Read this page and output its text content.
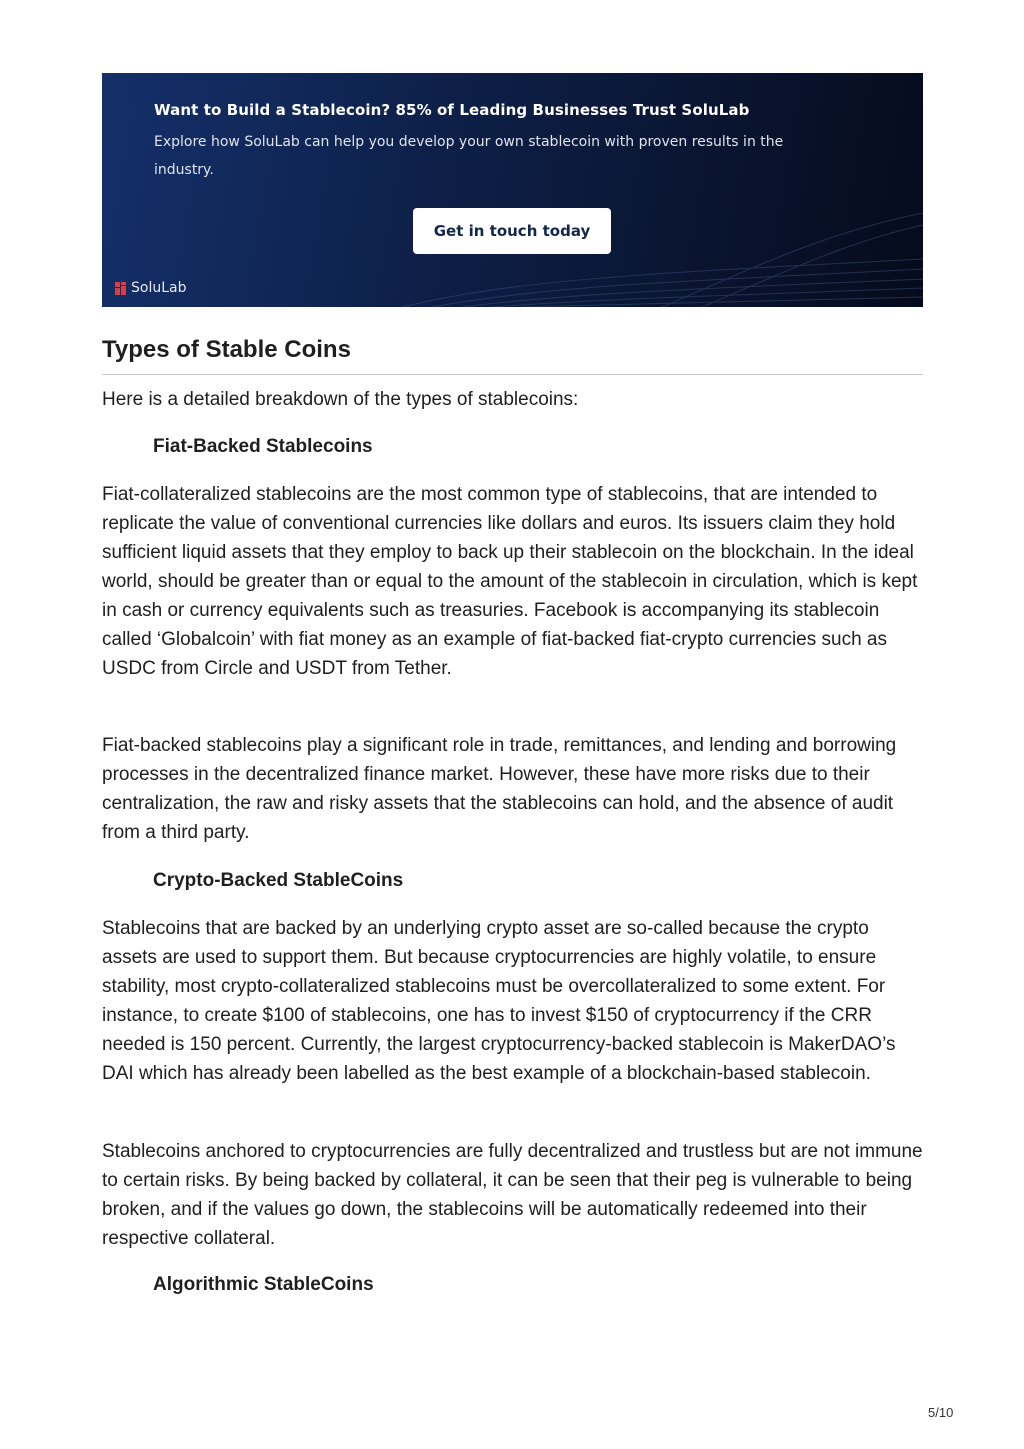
Want to Build a Stablecoin? 85% of Leading Businesses Trust SoluLab
Explore how SoluLab can help you develop your own stablecoin with proven results in the industry.
Get in touch today
SoluLab
Types of Stable Coins

Here is a detailed breakdown of the types of stablecoins:

Fiat-Backed Stablecoins

Fiat-collateralized stablecoins are the most common type of stablecoins, that are intended to replicate the value of conventional currencies like dollars and euros. Its issuers claim they hold sufficient liquid assets that they employ to back up their stablecoin on the blockchain. In the ideal world, should be greater than or equal to the amount of the stablecoin in circulation, which is kept in cash or currency equivalents such as treasuries. Facebook is accompanying its stablecoin called ‘Globalcoin’ with fiat money as an example of fiat-backed fiat-crypto currencies such as USDC from Circle and USDT from Tether.

Fiat-backed stablecoins play a significant role in trade, remittances, and lending and borrowing processes in the decentralized finance market. However, these have more risks due to their centralization, the raw and risky assets that the stablecoins can hold, and the absence of audit from a third party.

Crypto-Backed StableCoins

Stablecoins that are backed by an underlying crypto asset are so-called because the crypto assets are used to support them. But because cryptocurrencies are highly volatile, to ensure stability, most crypto-collateralized stablecoins must be overcollateralized to some extent. For instance, to create $100 of stablecoins, one has to invest $150 of cryptocurrency if the CRR needed is 150 percent. Currently, the largest cryptocurrency-backed stablecoin is MakerDAO’s DAI which has already been labelled as the best example of a blockchain-based stablecoin.

Stablecoins anchored to cryptocurrencies are fully decentralized and trustless but are not immune to certain risks. By being backed by collateral, it can be seen that their peg is vulnerable to being broken, and if the values go down, the stablecoins will be automatically redeemed into their respective collateral.

Algorithmic StableCoins
5/10
